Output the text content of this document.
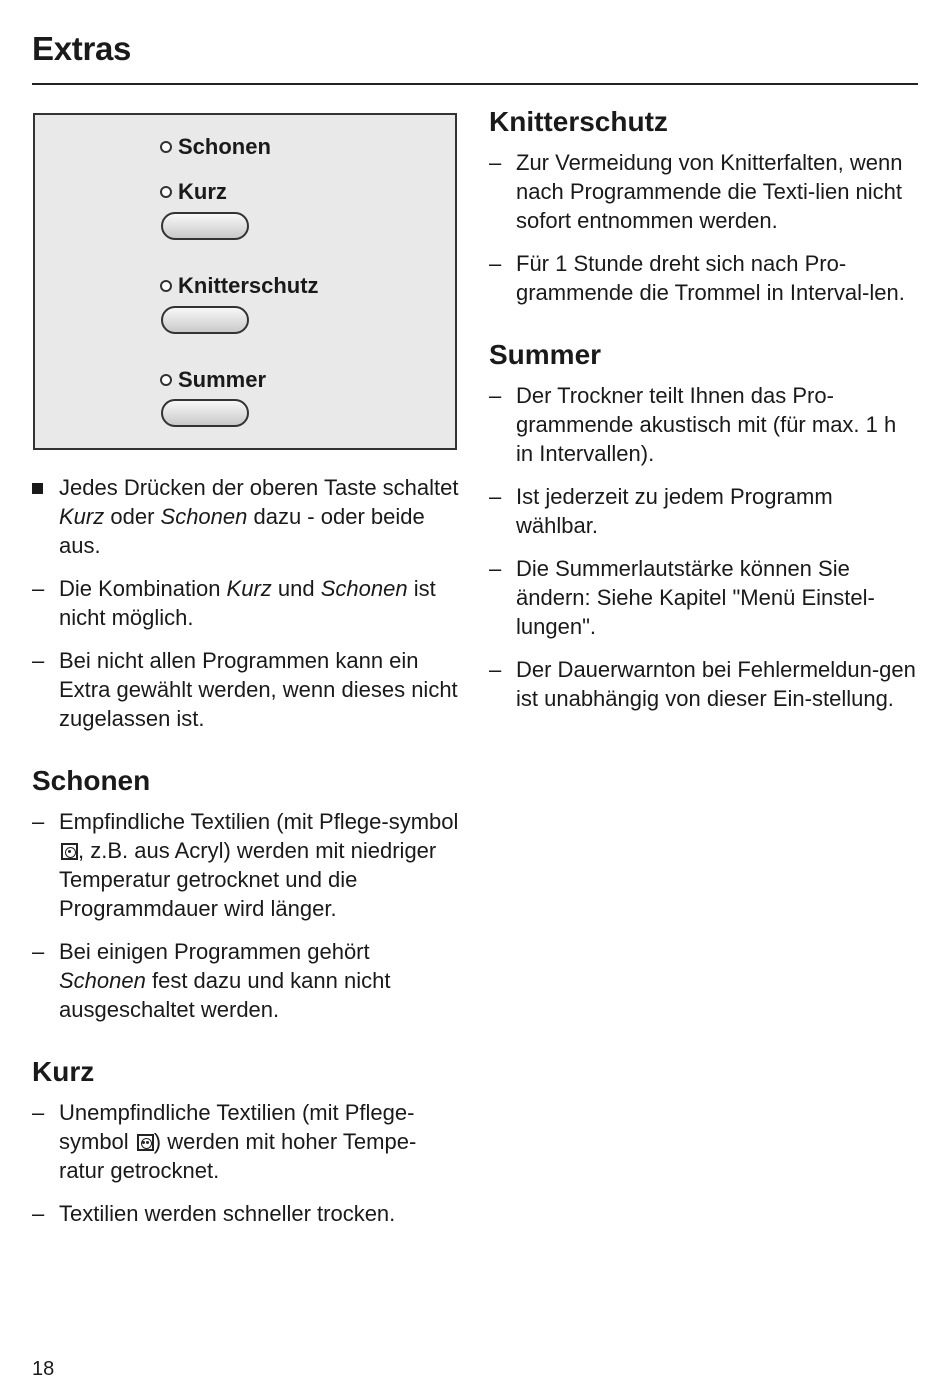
Extras
Schonen
Kurz
Knitterschutz
Summer

Jedes Drücken der oberen Taste schaltet Kurz oder Schonen dazu - oder beide aus.

– Die Kombination Kurz und Schonen ist nicht möglich.

– Bei nicht allen Programmen kann ein Extra gewählt werden, wenn dieses nicht zugelassen ist.

Schonen
– Empfindliche Textilien (mit Pflege-symbol
, z.B. aus Acryl) werden mit niedriger Temperatur getrocknet und die Programmdauer wird länger.

– Bei einigen Programmen gehört Schonen fest dazu und kann nicht ausgeschaltet werden.

Kurz
– Unempfindliche Textilien (mit Pflege-symbol
) werden mit hoher Tempe-ratur getrocknet.

– Textilien werden schneller trocken.

Knitterschutz
– Zur Vermeidung von Knitterfalten, wenn nach Programmende die Texti-lien nicht sofort entnommen werden.

– Für 1 Stunde dreht sich nach Pro-grammende die Trommel in Interval-len.

Summer
– Der Trockner teilt Ihnen das Pro-grammende akustisch mit (für max. 1 h in Intervallen).

– Ist jederzeit zu jedem Programm wählbar.

– Die Summerlautstärke können Sie ändern: Siehe Kapitel "Menü Einstel-lungen".

– Der Dauerwarnton bei Fehlermeldun-gen ist unabhängig von dieser Ein-stellung.

18
